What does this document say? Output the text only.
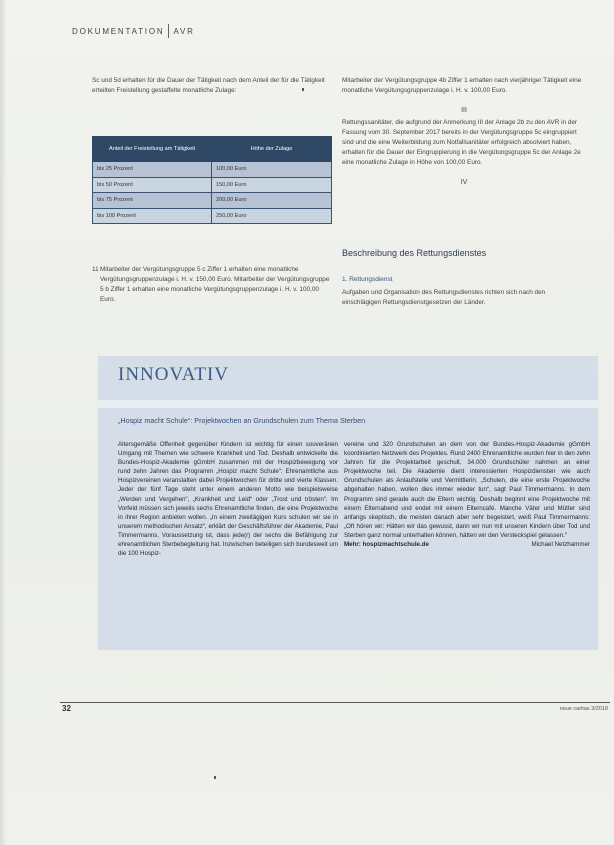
DOKUMENTATION AVR

Sc und 5d erhalten für die Dauer der Tätigkeit nach dem Anteil der für die Tätigkeit erteilten Freistellung gestaffelte monatliche Zulage:

Anteil der Freistellung am Tätigkeit	Höhe der Zulage
bis 25 Prozent	100,00 Euro
bis 50 Prozent	150,00 Euro
bis 75 Prozent	200,00 Euro
bis 100 Prozent	250,00 Euro
11 Mitarbeiter der Vergütungsgruppe 5 c Ziffer 1 erhalten eine monatliche Vergütungsgruppenzulage i. H. v. 150,00 Euro. Mitarbeiter der Vergütungsgruppe 5 b Ziffer 1 erhalten eine monatliche Vergütungsgruppenzulage i. H. v. 100,00 Euro.

Mitarbeiter der Vergütungsgruppe 4b Ziffer 1 erhalten nach vierjähriger Tätigkeit eine monatliche Vergütungsgruppenzulage i. H. v. 100,00 Euro.

III

Rettungssanitäter, die aufgrund der Anmerkung III der Anlage 2b zu den AVR in der Fassung vom 30. September 2017 bereits in der Vergütungsgruppe 5c eingruppiert sind und die eine Weiterbildung zum Notfallsanitäter erfolgreich absolviert haben, erhalten für die Dauer der Eingruppierung in die Vergütungsgruppe 5c der Anlage 2e eine monatliche Zulage in Höhe von 100,00 Euro.

IV
Beschreibung des Rettungsdienstes
1. Rettungsdienst
Aufgaben und Organisation des Rettungsdienstes richten sich nach den einschlägigen Rettungsdienstgesetzen der Länder.
INNOVATIV
„Hospiz macht Schule“: Projektwochen an Grundschulen zum Thema Sterben
Altersgemäße Offenheit gegenüber Kindern ist wichtig für einen souveränen Umgang mit Themen wie schwere Krankheit und Tod. Deshalb entwickelte die Bundes-Hospiz-Akademie gGmbH zusammen mit der Hospizbewegung vor rund zehn Jahren das Programm „Hospiz macht Schule“: Ehrenamtliche aus Hospizvereinen veranstalten dabei Projektwochen für dritte und vierte Klassen. Jeder der fünf Tage steht unter einem anderen Motto wie beispielsweise „Werden und Vergehen“, „Krankheit und Leid“ oder „Trost und trösten“. Im Vorfeld müssen sich jeweils sechs Ehrenamtliche finden, die eine Projektwoche in ihrer Region anbieten wollen. „In einem zweitägigen Kurs schulen wir sie in unserem methodischen Ansatz“, erklärt der Geschäftsführer der Akademie, Paul Timmermanns. Voraussetzung ist, dass jede(r) der sechs die Befähigung zur ehrenamtlichen Sterbebegleitung hat. Inzwischen beteiligen sich bundesweit um die 100 Hospiz-
vereine und 320 Grundschulen an dem von der Bundes-Hospiz-Akademie gGmbH koordinierten Netzwerk des Projektes. Rund 2400 Ehrenamtliche wurden hier in den zehn Jahren für die Projektarbeit geschult, 34.000 Grundschüler nahmen an einer Projektwoche teil. Die Akademie dient interessierten Hospizdiensten wie auch Grundschulen als Anlaufstelle und Vermittlerin. „Schulen, die eine erste Projektwoche abgehalten haben, wollen dies immer wieder tun“, sagt Paul Timmermanns. In dem Programm sind gerade auch die Eltern wichtig. Deshalb beginnt eine Projektwoche mit einem Elternabend und endet mit einem Elterncafé. Manche Väter und Mütter sind anfangs skeptisch, die meisten danach aber sehr begeistert, weiß Paul Timmermanns: „Oft hören wir: Hätten wir das gewusst, dann wir nun mit unseren Kindern über Tod und Sterben ganz normal unterhalten können, hätten wir den Versteckspiel gelassen.“
Mehr: hospizmachtschule.de	Michael Netzhammer
32	neue caritas 3/2018
